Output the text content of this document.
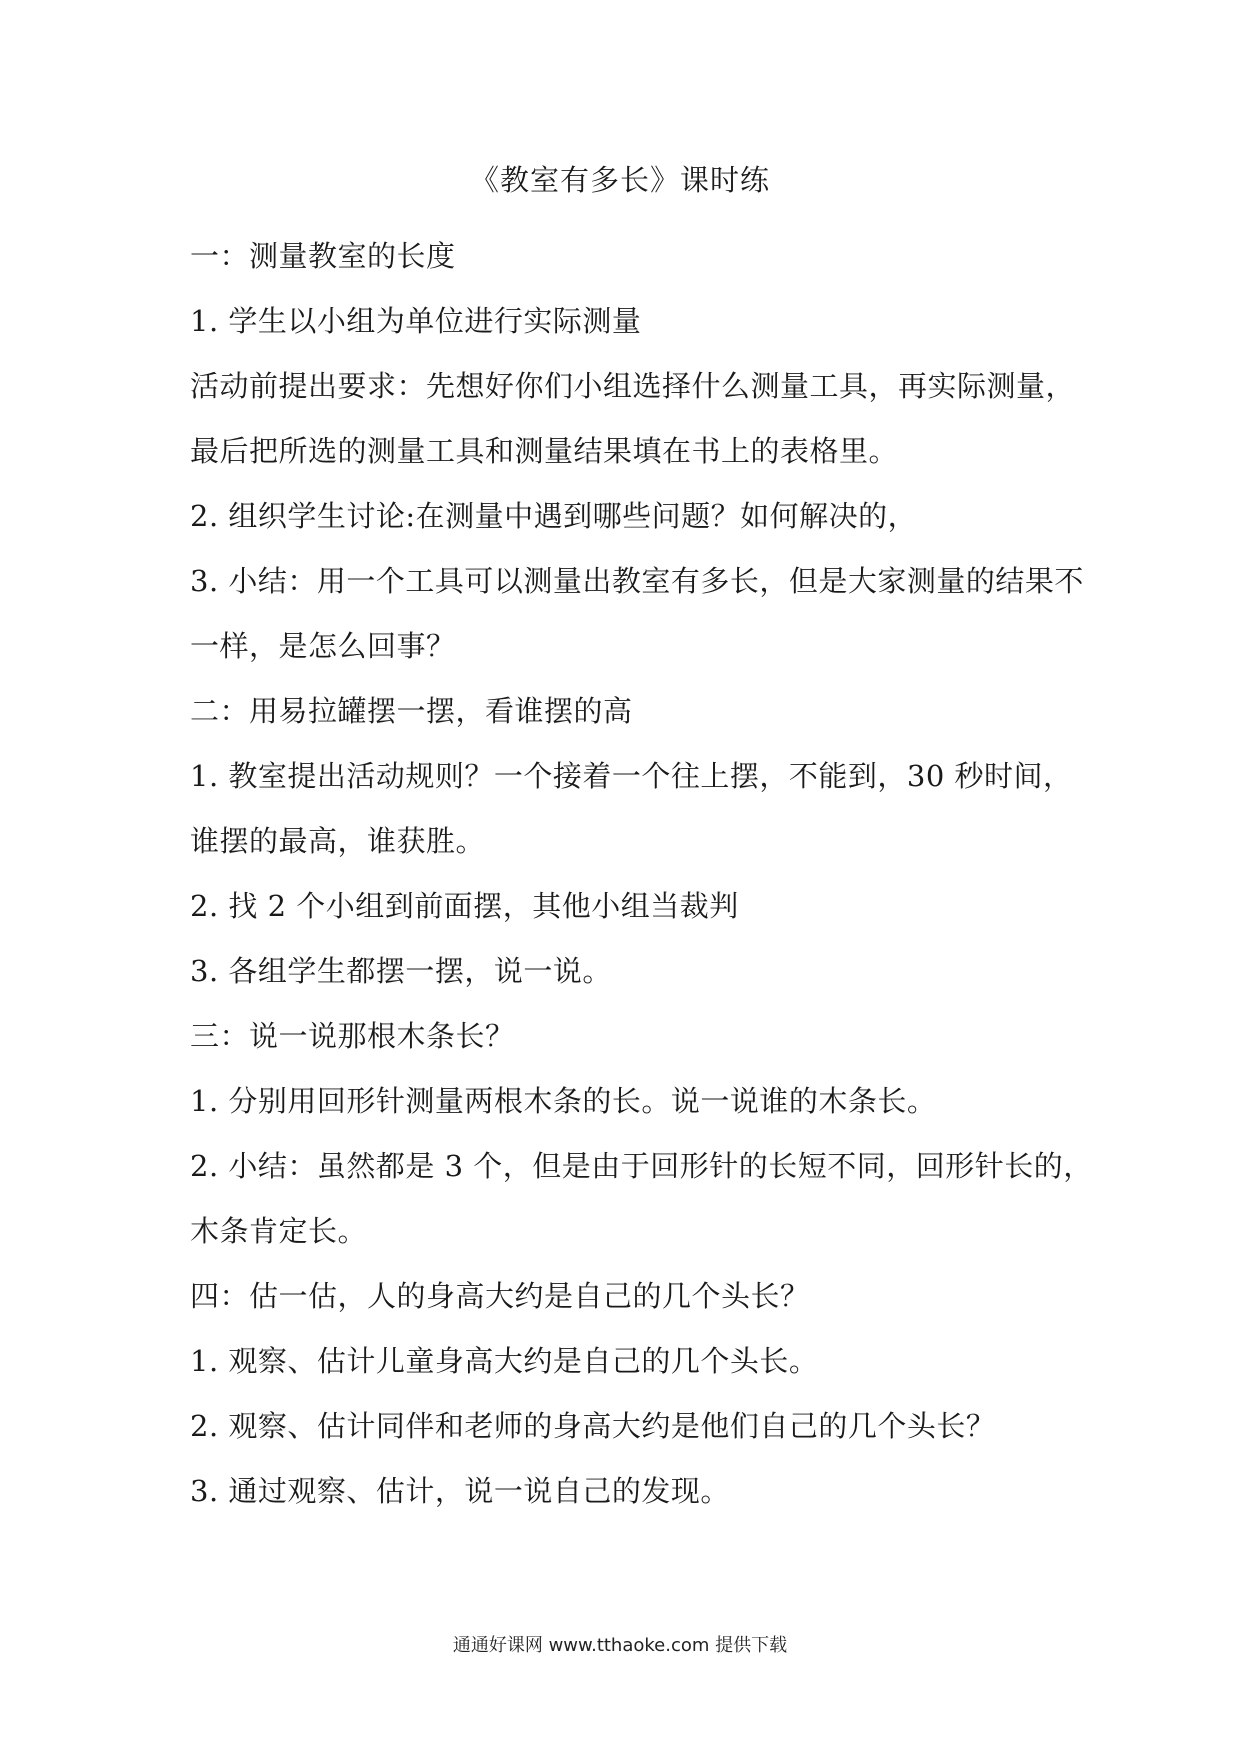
《教室有多长》课时练
一：测量教室的长度
1. 学生以小组为单位进行实际测量
活动前提出要求：先想好你们小组选择什么测量工具，再实际测量，
最后把所选的测量工具和测量结果填在书上的表格里。
2. 组织学生讨论:在测量中遇到哪些问题？如何解决的，
3. 小结：用一个工具可以测量出教室有多长，但是大家测量的结果不
一样，是怎么回事？
二：用易拉罐摆一摆，看谁摆的高
1. 教室提出活动规则？一个接着一个往上摆，不能到，30 秒时间，
谁摆的最高，谁获胜。
2. 找 2 个小组到前面摆，其他小组当裁判
3. 各组学生都摆一摆，说一说。
三：说一说那根木条长？
1. 分别用回形针测量两根木条的长。说一说谁的木条长。
2. 小结：虽然都是 3 个，但是由于回形针的长短不同，回形针长的，
木条肯定长。
四：估一估，人的身高大约是自己的几个头长？
1. 观察、估计儿童身高大约是自己的几个头长。
2. 观察、估计同伴和老师的身高大约是他们自己的几个头长？
3. 通过观察、估计，说一说自己的发现。
通通好课网 www.tthaoke.com 提供下载
